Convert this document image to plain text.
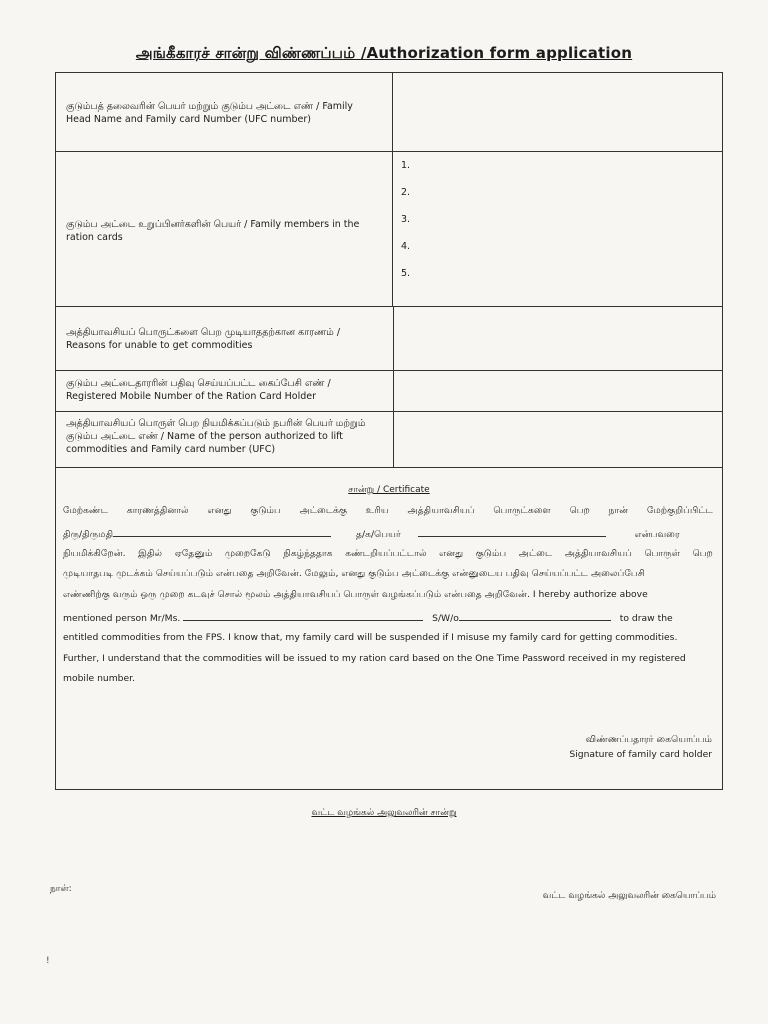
அங்கீகாரச் சான்று விண்ணப்பம் /Authorization form application
குடும்பத் தலைவரின் பெயர் மற்றும் குடும்ப அட்டை எண் / Family
Head Name and Family card Number (UFC number)
குடும்ப அட்டை உறுப்பினர்களின் பெயர் / Family members in the
ration cards
1.
2.
3.
4.
5.
அத்தியாவசியப் பொருட்களை பெற முடியாததற்கான காரணம் /
Reasons for unable to get commodities
குடும்ப அட்டைதாரரின் பதிவு செய்யப்பட்ட கைப்பேசி எண் /
Registered Mobile Number of the Ration Card Holder
அத்தியாவசியப் பொருள் பெற நியமிக்கப்படும் நபரின் பெயர் மற்றும்
குடும்ப அட்டை எண் / Name of the person authorized to lift
commodities and Family card number (UFC)
சான்று / Certificate
மேற்கண்ட காரணத்தினால் எனது குடும்ப அட்டைக்கு உரிய அத்தியாவசியப் பொருட்களை பெற நான் மேற்குறிப்பிட்ட
திரு/திருமதி	த/க/பெயர்	என்பவரை
நியமிக்கிறேன். இதில் ஏதேனும் முறைகேடு நிகழ்ந்ததாக கண்டறியப்பட்டால் எனது குடும்ப அட்டை அத்தியாவசியப் பொருள் பெற
முடியாதபடி முடக்கம் செய்யப்படும் என்பதை அறிவேன். மேலும், எனது குடும்ப அட்டைக்கு என்னுடைய பதிவு செய்யப்பட்ட அலைப்பேசி
எண்ணிற்கு வரும் ஒரு முறை கடவுச் சொல் மூலம் அத்தியாவசியப் பொருள் வழங்கப்படும் என்பதை அறிவேன். I hereby authorize above
mentioned person Mr/Ms.	S/W/o	to draw the
entitled commodities from the FPS. I know that, my family card will be suspended if I misuse my family card for getting commodities.
Further, I understand that the commodities will be issued to my ration card based on the One Time Password received in my registered
mobile number.
விண்ணப்பதாரர் கையொப்பம்
Signature of family card holder
வட்ட வழங்கல் அலுவலரின் சான்று
நாள்:
வட்ட வழங்கல் அலுவலரின் கையொப்பம்
!
